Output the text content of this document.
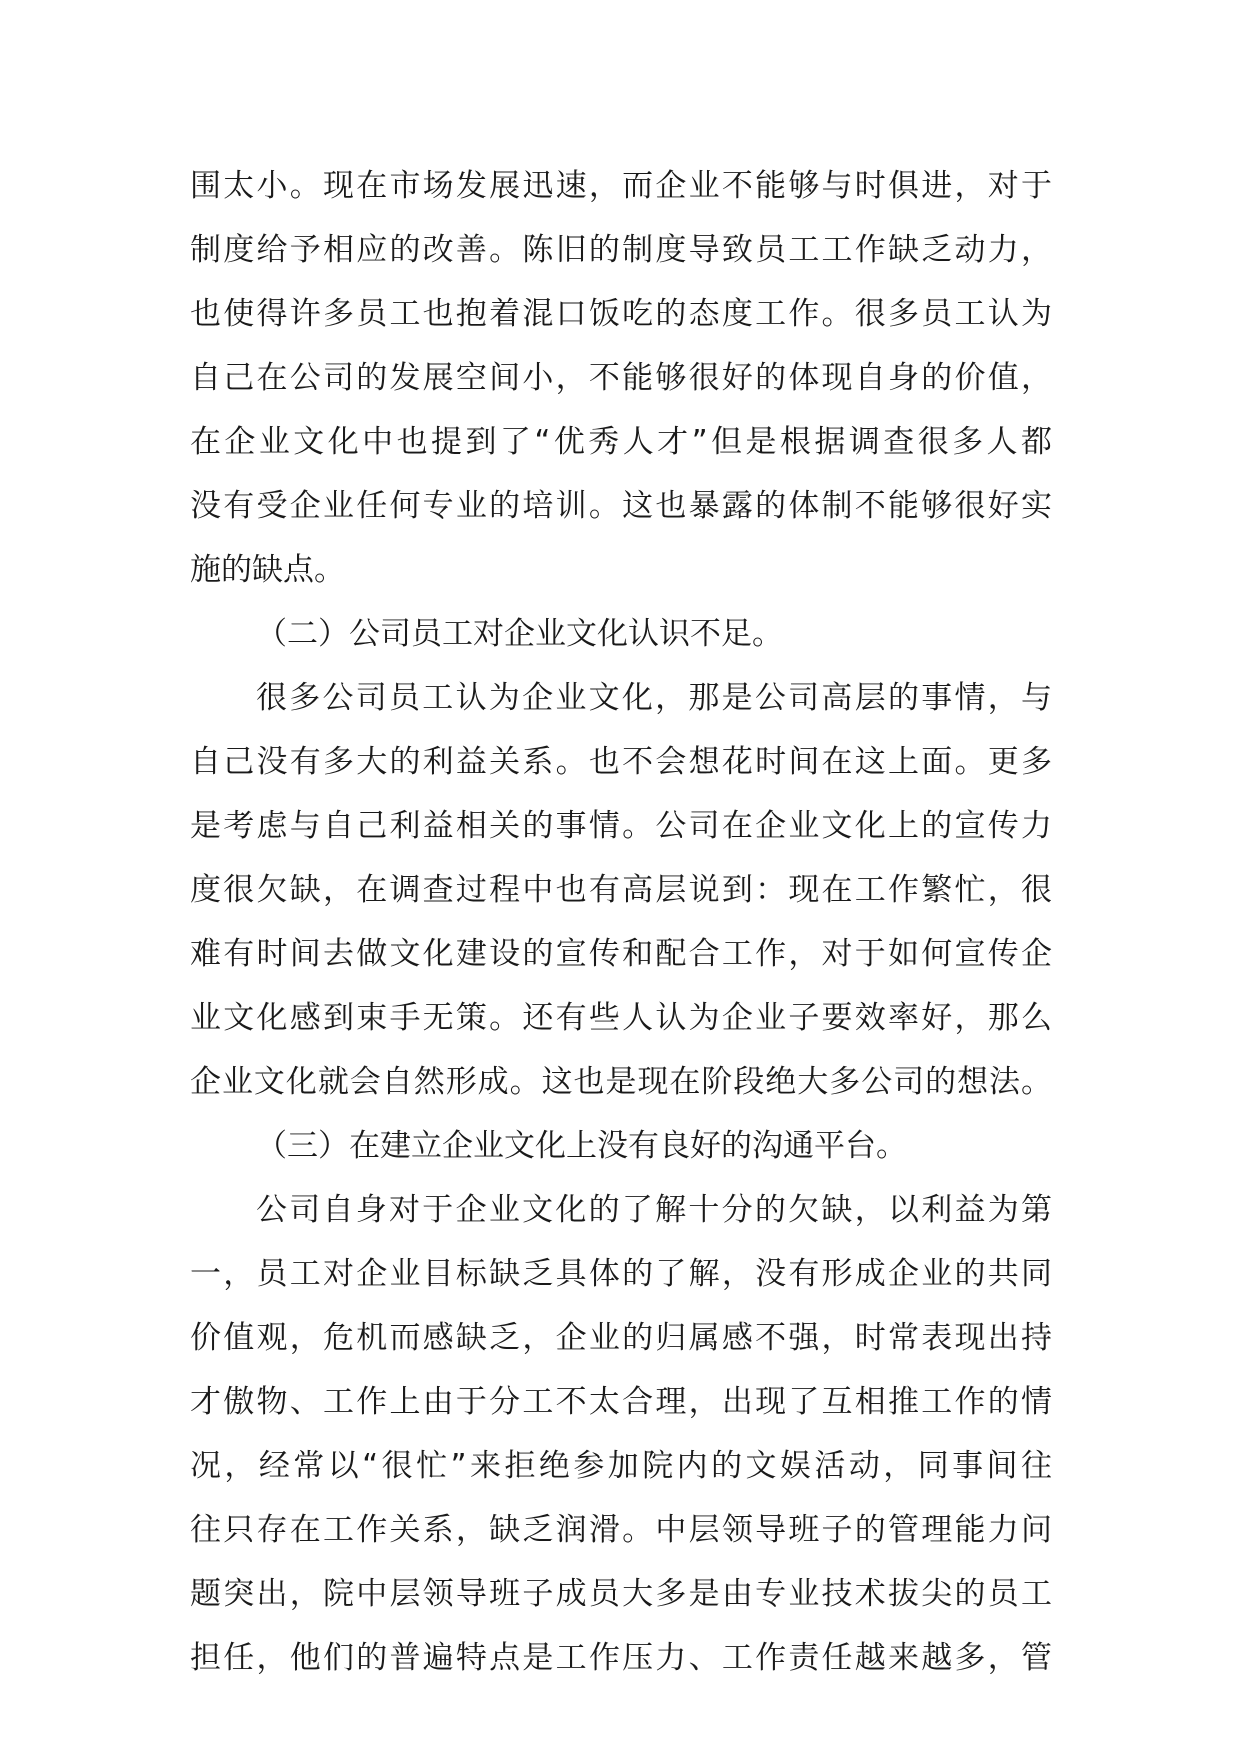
围太小。现在市场发展迅速，而企业不能够与时俱进，对于
制度给予相应的改善。陈旧的制度导致员工工作缺乏动力，
也使得许多员工也抱着混口饭吃的态度工作。很多员工认为
自己在公司的发展空间小，不能够很好的体现自身的价值，
在企业文化中也提到了“优秀人才”但是根据调查很多人都
没有受企业任何专业的培训。这也暴露的体制不能够很好实
施的缺点。
（二）公司员工对企业文化认识不足。
很多公司员工认为企业文化，那是公司高层的事情，与
自己没有多大的利益关系。也不会想花时间在这上面。更多
是考虑与自己利益相关的事情。公司在企业文化上的宣传力
度很欠缺，在调查过程中也有高层说到：现在工作繁忙，很
难有时间去做文化建设的宣传和配合工作，对于如何宣传企
业文化感到束手无策。还有些人认为企业子要效率好，那么
企业文化就会自然形成。这也是现在阶段绝大多公司的想法。
（三）在建立企业文化上没有良好的沟通平台。
公司自身对于企业文化的了解十分的欠缺，以利益为第
一，员工对企业目标缺乏具体的了解，没有形成企业的共同
价值观，危机而感缺乏，企业的归属感不强，时常表现出持
才傲物、工作上由于分工不太合理，出现了互相推工作的情
况，经常以“很忙”来拒绝参加院内的文娱活动，同事间往
往只存在工作关系，缺乏润滑。中层领导班子的管理能力问
题突出，院中层领导班子成员大多是由专业技术拔尖的员工
担任，他们的普遍特点是工作压力、工作责任越来越多，管
